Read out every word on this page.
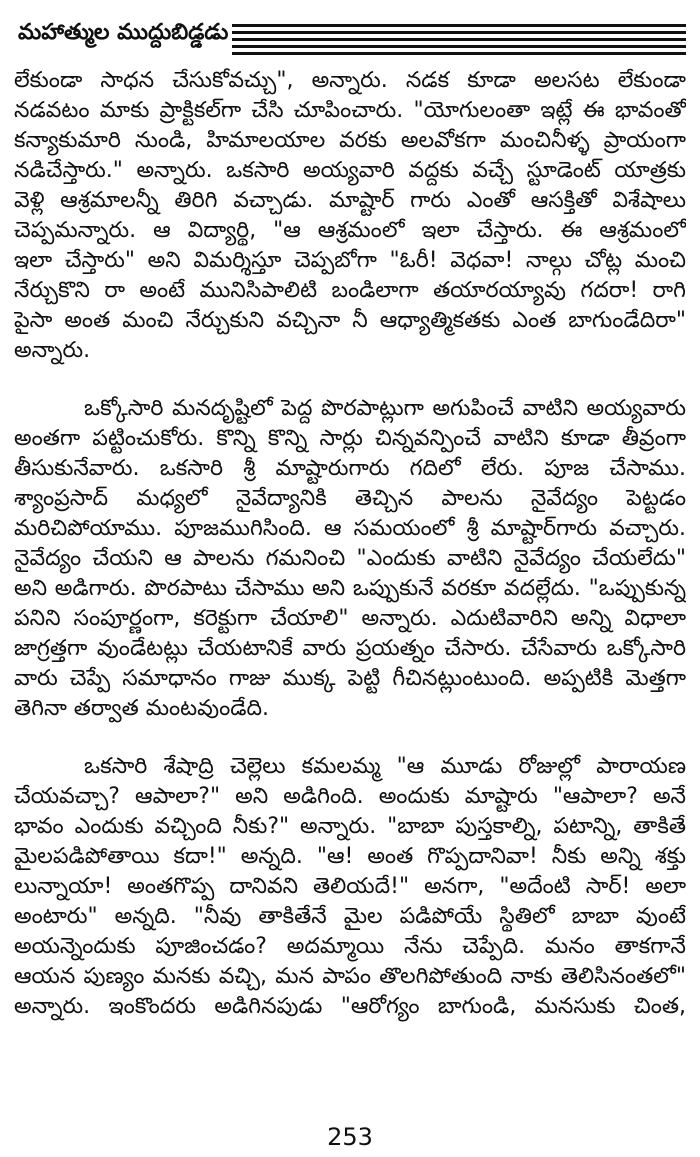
మహాత్ముల ముద్దుబిడ్డడు
లేకుండా సాధన చేసుకోవచ్చు", అన్నారు. నడక కూడా అలసట లేకుండా
నడవటం మాకు ప్రాక్టికల్‌గా చేసి చూపించారు. "యోగులంతా ఇట్లే ఈ భావంతో
కన్యాకుమారి నుండి, హిమాలయాల వరకు అలవోకగా మంచినీళ్ళ ప్రాయంగా
నడిచేస్తారు." అన్నారు. ఒకసారి అయ్యవారి వద్దకు వచ్చే స్టూడెంట్ యాత్రకు
వెళ్లి ఆశ్రమాలన్నీ తిరిగి వచ్చాడు. మాష్టార్ గారు ఎంతో ఆసక్తితో విశేషాలు
చెప్పమన్నారు. ఆ విద్యార్థి, "ఆ ఆశ్రమంలో ఇలా చేస్తారు. ఈ ఆశ్రమంలో
ఇలా చేస్తారు" అని విమర్శిస్తూ చెప్పబోగా "ఓరీ! వెధవా! నాల్గు చోట్ల మంచి
నేర్చుకొని రా అంటే మునిసిపాలిటి బండిలాగా తయారయ్యావు గదరా! రాగి
పైసా అంత మంచి నేర్చుకుని వచ్చినా నీ ఆధ్యాత్మికతకు ఎంత బాగుండేదిరా"
అన్నారు.
ఒక్కోసారి మనదృష్టిలో పెద్ద పొరపాట్లుగా అగుపించే వాటిని అయ్యవారు
అంతగా పట్టించుకోరు. కొన్ని కొన్ని సార్లు చిన్నవన్పించే వాటిని కూడా తీవ్రంగా
తీసుకునేవారు. ఒకసారి శ్రీ మాష్టారుగారు గదిలో లేరు. పూజ చేసాము.
శ్యాంప్రసాద్ మధ్యలో నైవేద్యానికి తెచ్చిన పాలను నైవేద్యం పెట్టడం
మరిచిపోయాము. పూజముగిసింది. ఆ సమయంలో శ్రీ మాష్టార్‌గారు వచ్చారు.
నైవేద్యం చేయని ఆ పాలను గమనించి "ఎందుకు వాటిని నైవేద్యం చేయలేదు"
అని అడిగారు. పొరపాటు చేసాము అని ఒప్పుకునే వరకూ వదల్లేదు. "ఒప్పుకున్న
పనిని సంపూర్ణంగా, కరెక్టుగా చేయాలి" అన్నారు. ఎదుటివారిని అన్ని విధాలా
జాగ్రత్తగా వుండేటట్లు చేయటానికే వారు ప్రయత్నం చేసారు. చేసేవారు ఒక్కోసారి
వారు చెప్పే సమాధానం గాజు ముక్క పెట్టి గీచినట్లుంటుంది. అప్పటికి మెత్తగా
తెగినా తర్వాత మంటవుండేది.
ఒకసారి శేషాద్రి చెల్లెలు కమలమ్మ "ఆ మూడు రోజుల్లో పారాయణ
చేయవచ్చా? ఆపాలా?" అని అడిగింది. అందుకు మాష్టారు "ఆపాలా? అనే
భావం ఎందుకు వచ్చింది నీకు?" అన్నారు. "బాబా పుస్తకాల్ని, పటాన్ని, తాకితే
మైలపడిపోతాయి కదా!" అన్నది. "ఆ! అంత గొప్పదానివా! నీకు అన్ని శక్తు
లున్నాయా! అంతగొప్ప దానివని తెలియదే!" అనగా, "అదేంటి సార్! అలా
అంటారు" అన్నది. "నీవు తాకితేనే మైల పడిపోయే స్థితిలో బాబా వుంటే
అయన్నెందుకు పూజించడం? అదమ్మాయి నేను చెప్పేది. మనం తాకగానే
ఆయన పుణ్యం మనకు వచ్చి, మన పాపం తొలగిపోతుంది నాకు తెలిసినంతలో"
అన్నారు. ఇంకొందరు అడిగినపుడు "ఆరోగ్యం బాగుండి, మనసుకు చింత,
253
